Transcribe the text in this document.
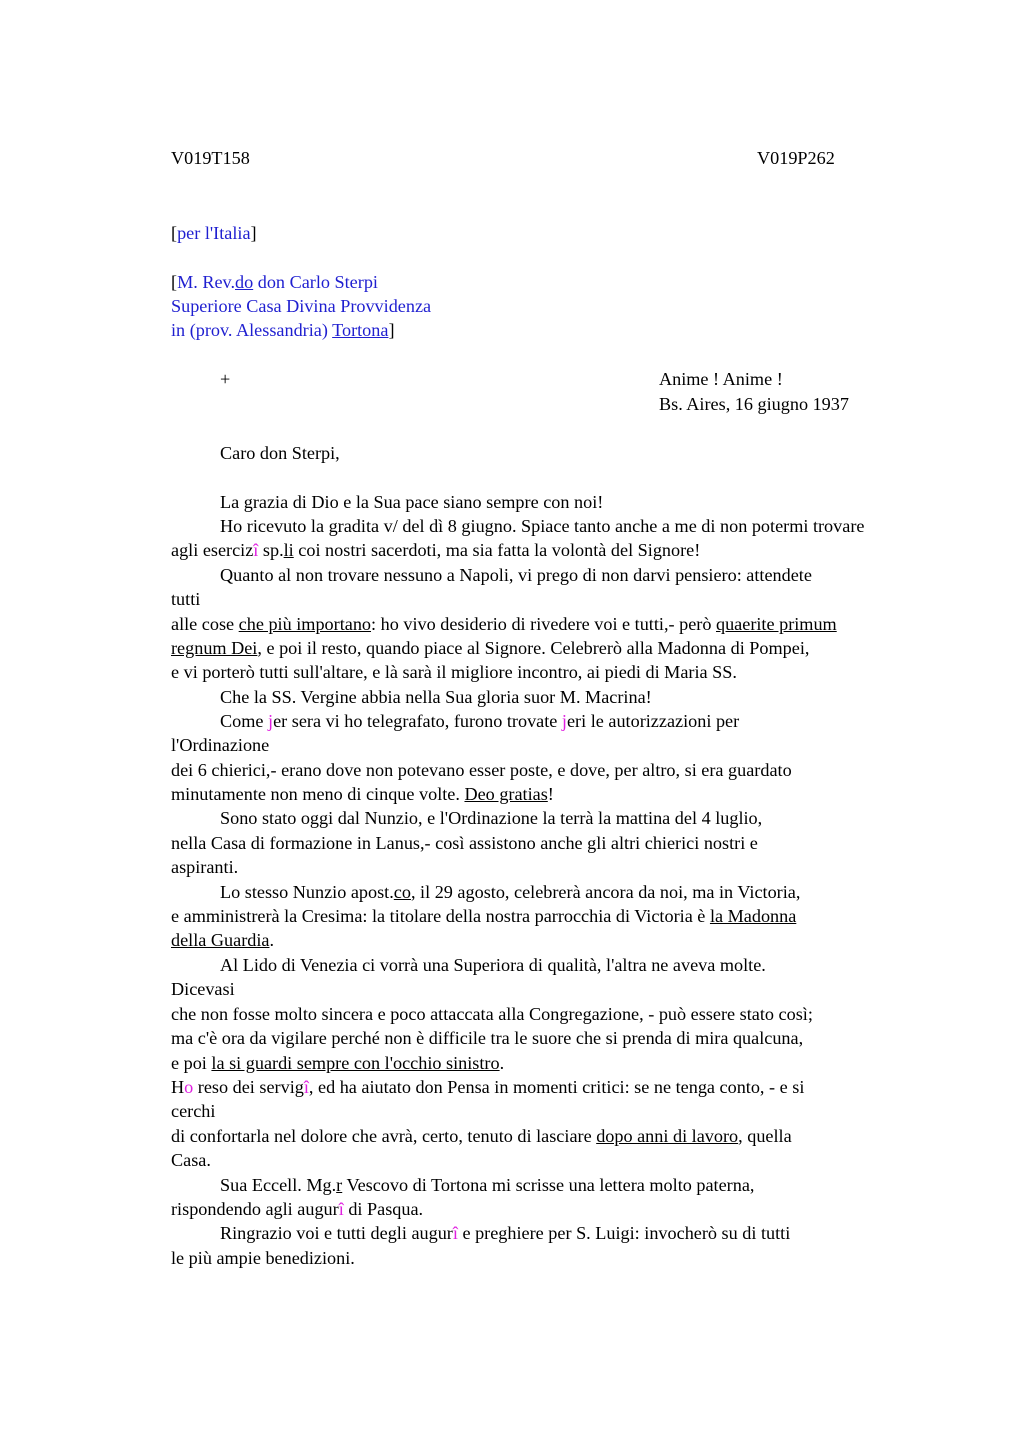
V019T158	V019P262
[per l'Italia]
[M. Rev.do don Carlo Sterpi
Superiore Casa Divina Provvidenza
in (prov. Alessandria) Tortona]
+	Anime ! Anime !
Bs. Aires, 16 giugno 1937
Caro don Sterpi,
La grazia di Dio e la Sua pace siano sempre con noi!
Ho ricevuto la gradita v/ del dì 8 giugno. Spiace tanto anche a me di non potermi trovare
agli esercizî sp.li coi nostri sacerdoti, ma sia fatta la volontà del Signore!
Quanto al non trovare nessuno a Napoli, vi prego di non darvi pensiero: attendete
tutti
alle cose che più importano: ho vivo desiderio di rivedere voi e tutti,- però quaerite primum
regnum Dei, e poi il resto, quando piace al Signore. Celebrerò alla Madonna di Pompei,
e vi porterò tutti sull'altare, e là sarà il migliore incontro, ai piedi di Maria SS.
Che la SS. Vergine abbia nella Sua gloria suor M. Macrina!
Come jer sera vi ho telegrafato, furono trovate jeri le autorizzazioni per
l'Ordinazione
dei 6 chierici,- erano dove non potevano esser poste, e dove, per altro, si era guardato
minutamente non meno di cinque volte. Deo gratias!
Sono stato oggi dal Nunzio, e l'Ordinazione la terrà la mattina del 4 luglio,
nella Casa di formazione in Lanus,- così assistono anche gli altri chierici nostri e
aspiranti.
Lo stesso Nunzio apost.co, il 29 agosto, celebrerà ancora da noi, ma in Victoria,
e amministrerà la Cresima: la titolare della nostra parrocchia di Victoria è la Madonna
della Guardia.
Al Lido di Venezia ci vorrà una Superiora di qualità, l'altra ne aveva molte.
Dicevasi
che non fosse molto sincera e poco attaccata alla Congregazione, - può essere stato così;
ma c'è ora da vigilare perché non è difficile tra le suore che si prenda di mira qualcuna,
e poi la si guardi sempre con l'occhio sinistro.
Ho reso dei servigî, ed ha aiutato don Pensa in momenti critici: se ne tenga conto, - e si
cerchi
di confortarla nel dolore che avrà, certo, tenuto di lasciare dopo anni di lavoro, quella
Casa.
Sua Eccell. Mg.r Vescovo di Tortona mi scrisse una lettera molto paterna,
rispondendo agli augurî di Pasqua.
Ringrazio voi e tutti degli augurî e preghiere per S. Luigi: invocherò su di tutti
le più ampie benedizioni.
